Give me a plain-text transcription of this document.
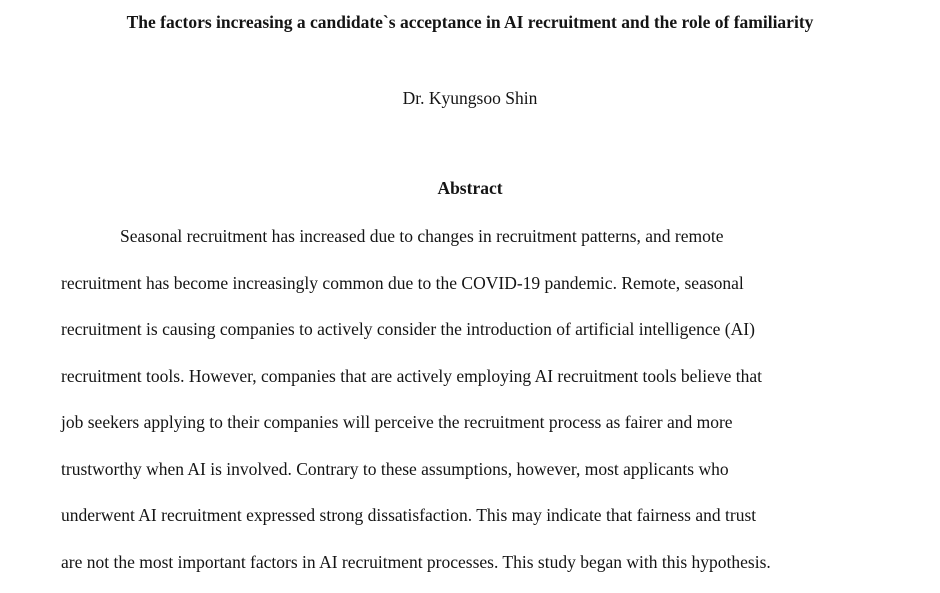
The factors increasing a candidate`s acceptance in AI recruitment and the role of familiarity
Dr. Kyungsoo Shin
Abstract
Seasonal recruitment has increased due to changes in recruitment patterns, and remote
recruitment has become increasingly common due to the COVID-19 pandemic. Remote, seasonal
recruitment is causing companies to actively consider the introduction of artificial intelligence (AI)
recruitment tools. However, companies that are actively employing AI recruitment tools believe that
job seekers applying to their companies will perceive the recruitment process as fairer and more
trustworthy when AI is involved. Contrary to these assumptions, however, most applicants who
underwent AI recruitment expressed strong dissatisfaction. This may indicate that fairness and trust
are not the most important factors in AI recruitment processes. This study began with this hypothesis.
